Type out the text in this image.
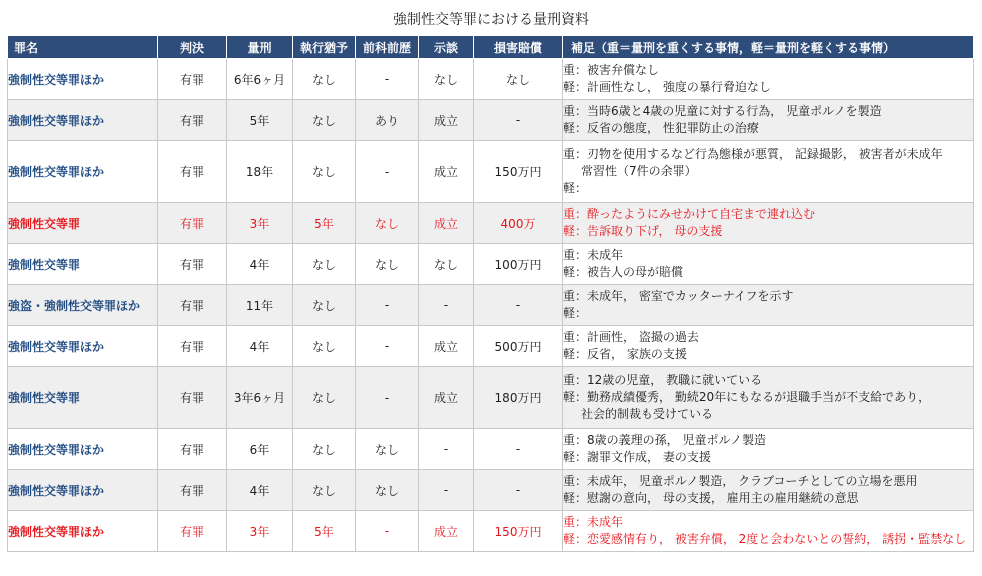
強制性交等罪における量刑資料
罪名	判決	量刑	執行猶予	前科前歴	示談	損害賠償	補足（重＝量刑を重くする事情，軽＝量刑を軽くする事情）
強制性交等罪ほか	有罪	6年6ヶ月	なし	-	なし	なし	重：被害弁償なし
軽：計画性なし， 強度の暴行脅迫なし

強制性交等罪ほか	有罪	5年	なし	あり	成立	-	重：当時6歳と4歳の児童に対する行為， 児童ポルノを製造
軽：反省の態度， 性犯罪防止の治療

強制性交等罪ほか	有罪	18年	なし	-	成立	150万円	重：刃物を使用するなど行為態様が悪質， 記録撮影， 被害者が未成年
常習性（7件の余罪）
軽：

強制性交等罪	有罪	3年	5年	なし	成立	400万	重：酔ったようにみせかけて自宅まで連れ込む
軽：告訴取り下げ， 母の支援

強制性交等罪	有罪	4年	なし	なし	なし	100万円	重：未成年
軽：被告人の母が賠償

強盗・強制性交等罪ほか	有罪	11年	なし	-	-	-	重：未成年， 密室でカッターナイフを示す
軽：

強制性交等罪ほか	有罪	4年	なし	-	成立	500万円	重：計画性， 盗撮の過去
軽：反省， 家族の支援

強制性交等罪	有罪	3年6ヶ月	なし	-	成立	180万円	重：12歳の児童， 教職に就いている
軽：勤務成績優秀， 勤続20年にもなるが退職手当が不支給であり，
社会的制裁も受けている

強制性交等罪ほか	有罪	6年	なし	なし	-	-	重：8歳の義理の孫， 児童ポルノ製造
軽：謝罪文作成， 妻の支援

強制性交等罪ほか	有罪	4年	なし	なし	-	-	重：未成年， 児童ポルノ製造， クラブコーチとしての立場を悪用
軽：慰謝の意向， 母の支援， 雇用主の雇用継続の意思

強制性交等罪ほか	有罪	3年	5年	-	成立	150万円	重：未成年
軽：恋愛感情有り， 被害弁償， 2度と会わないとの誓約， 誘拐・監禁なし
